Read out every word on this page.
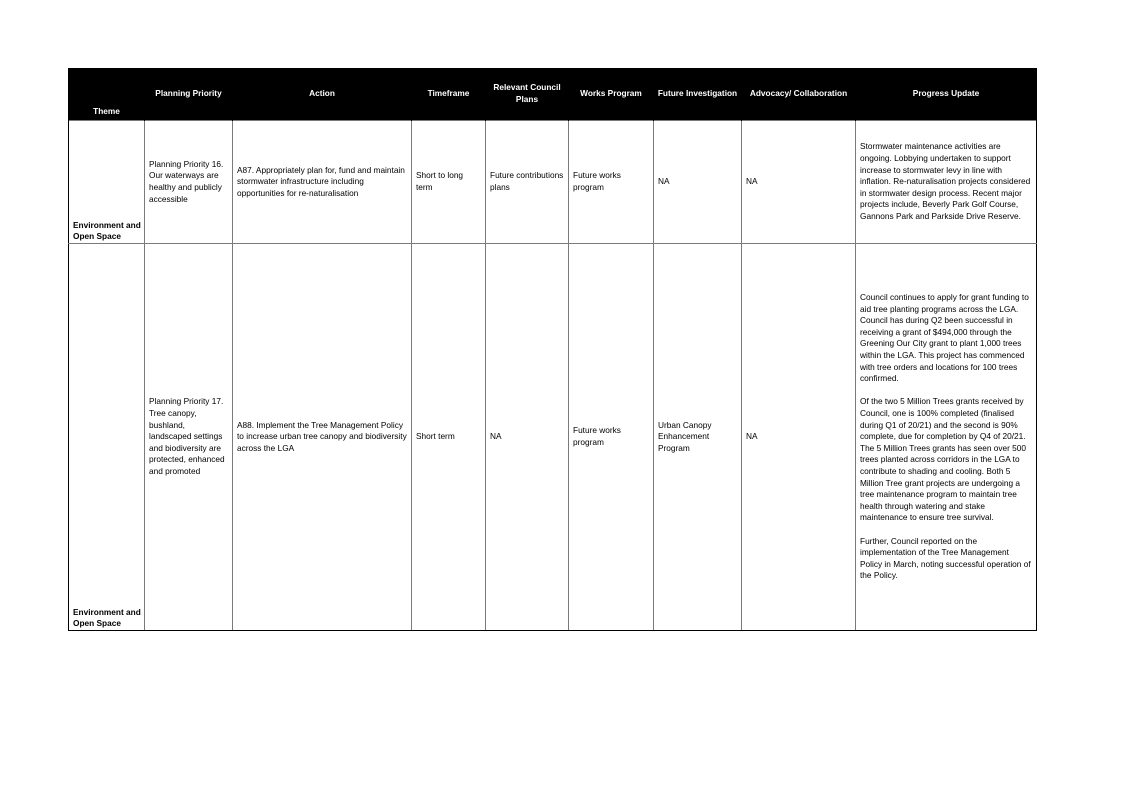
Theme	Planning Priority	Action	Timeframe	Relevant Council Plans	Works Program	Future Investigation	Advocacy/ Collaboration	Progress Update
Environment and Open Space	Planning Priority 16. Our waterways are healthy and publicly accessible	A87. Appropriately plan for, fund and maintain stormwater infrastructure including opportunities for re-naturalisation	Short to long term	Future contributions plans	Future works program	NA	NA	Stormwater maintenance activities are ongoing. Lobbying undertaken to support increase to stormwater levy in line with inflation. Re-naturalisation projects considered in stormwater design process. Recent major projects include, Beverly Park Golf Course, Gannons Park and Parkside Drive Reserve.
Environment and Open Space	Planning Priority 17. Tree canopy, bushland, landscaped settings and biodiversity are protected, enhanced and promoted	A88. Implement the Tree Management Policy to increase urban tree canopy and biodiversity across the LGA	Short term	NA	Future works program	Urban Canopy Enhancement Program	NA	Council continues to apply for grant funding to aid tree planting programs across the LGA. Council has during Q2 been successful in receiving a grant of $494,000 through the Greening Our City grant to plant 1,000 trees within the LGA. This project has commenced with tree orders and locations for 100 trees confirmed.

Of the two 5 Million Trees grants received by Council, one is 100% completed (finalised during Q1 of 20/21) and the second is 90% complete, due for completion by Q4 of 20/21. The 5 Million Trees grants has seen over 500 trees planted across corridors in the LGA to contribute to shading and cooling. Both 5 Million Tree grant projects are undergoing a tree maintenance program to maintain tree health through watering and stake maintenance to ensure tree survival.

Further, Council reported on the implementation of the Tree Management Policy in March, noting successful operation of the Policy.
